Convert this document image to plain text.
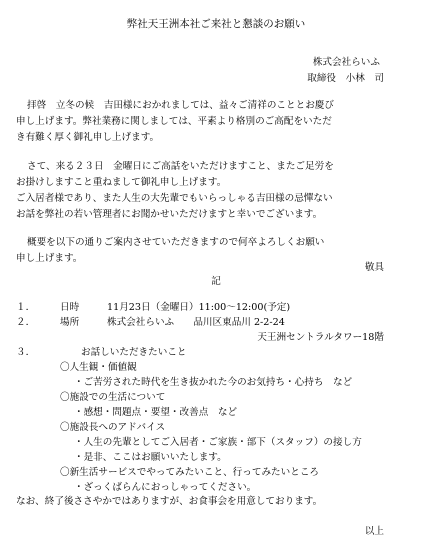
弊社天王洲本社ご来社と懇談のお願い
株式会社らいふ
取締役　小林　司
拝啓　立冬の候　吉田様におかれましては、益々ご清祥のこととお慶び
申し上げます。弊社業務に関しましては、平素より格別のご高配をいただ
き有難く厚く御礼申し上げます。
さて、来る２３日　金曜日にご高話をいただけますこと、またご足労を
お掛けしますこと重ねまして御礼申し上げます。
ご入居者様であり、また人生の大先輩でもいらっしゃる吉田様の忌憚ない
お話を弊社の若い管理者にお聞かせいただけますと幸いでございます。
概要を以下の通りご案内させていただきますので何卒よろしくお願い
申し上げます。
敬具
記
１．	日時	11月23日（金曜日）11:00～12:00(予定)
２．	場所	株式会社らいふ　　品川区東品川 2-2-24
天王洲セントラルタワー18階
３．	お話しいただきたいこと
〇人生観・価値観
・ご苦労された時代を生き抜かれた今のお気持ち・心持ち　など
〇施設での生活について
・感想・問題点・要望・改善点　など
〇施設長へのアドバイス
・人生の先輩としてご入居者・ご家族・部下（スタッフ）の接し方
・是非、ここはお願いいたします。
〇新生活サービスでやってみたいこと、行ってみたいところ
・ざっくばらんにおっしゃってください。
なお、終了後ささやかではありますが、お食事会を用意しております。
以上
